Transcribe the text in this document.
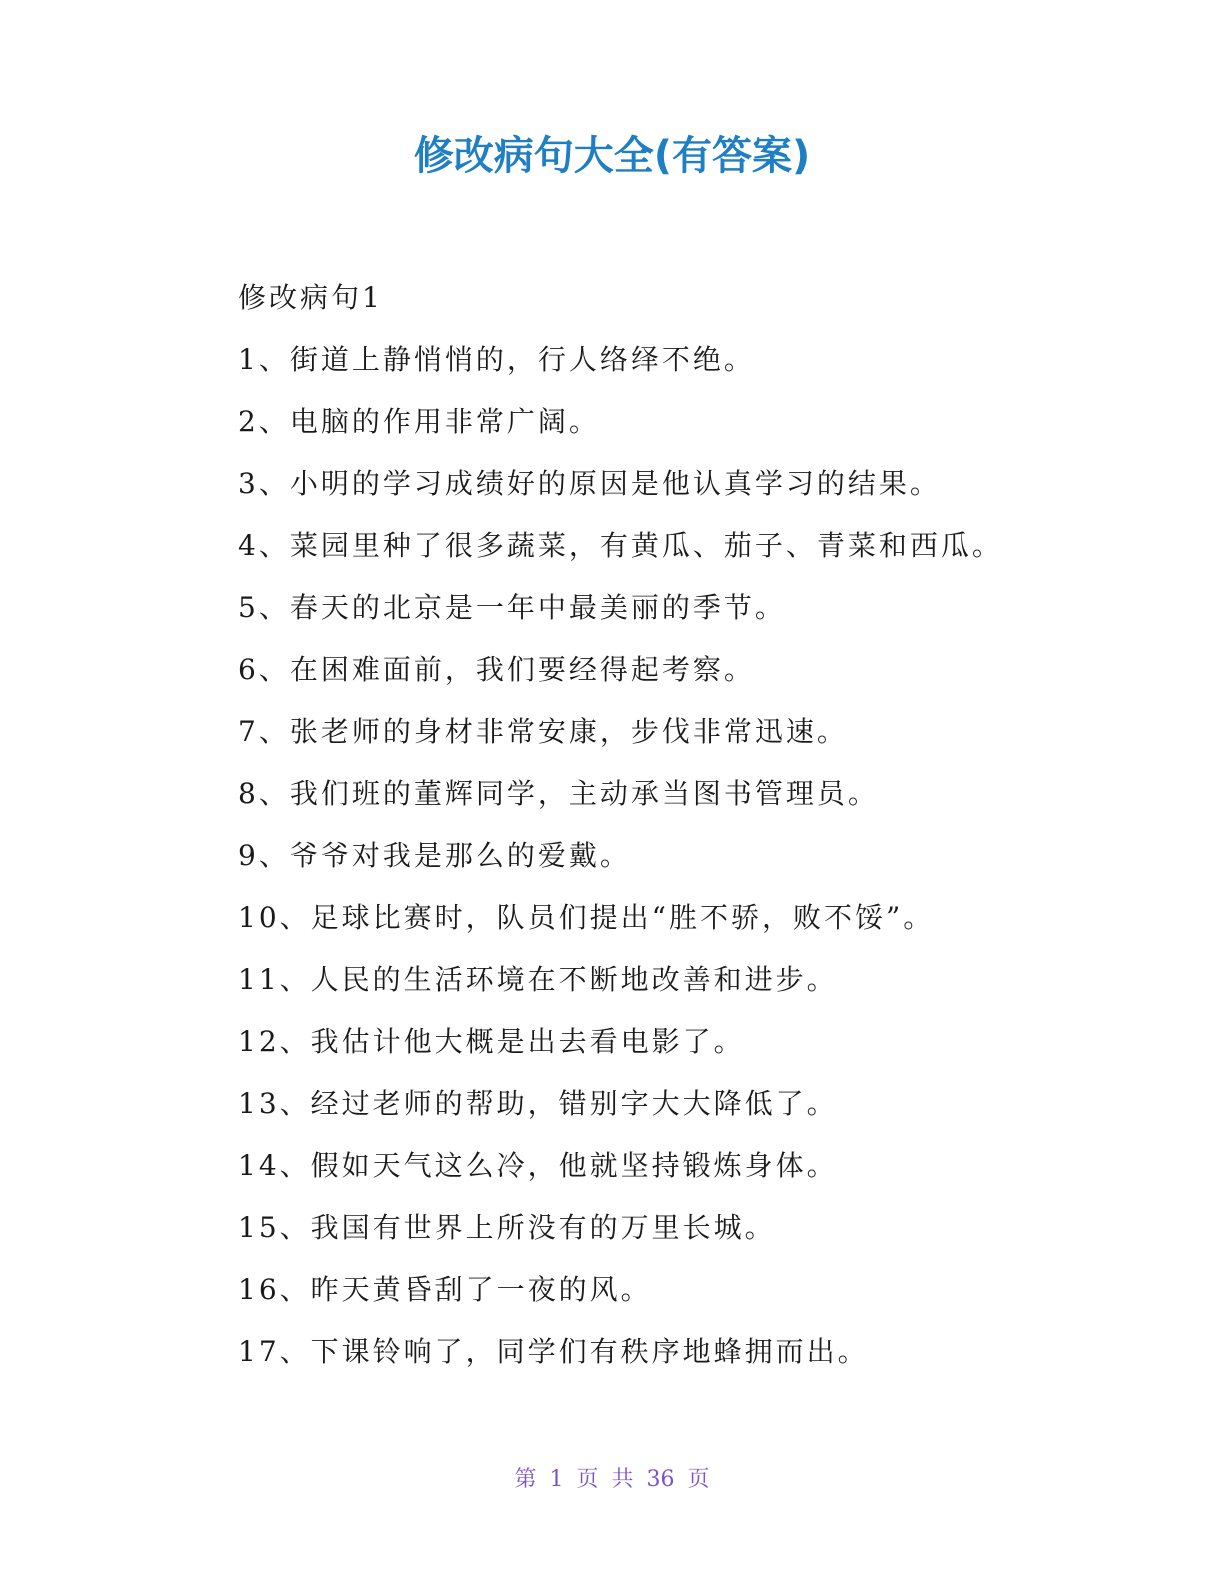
修改病句大全(有答案)
修改病句1
1、街道上静悄悄的，行人络绎不绝。
2、电脑的作用非常广阔。
3、小明的学习成绩好的原因是他认真学习的结果。
4、菜园里种了很多蔬菜，有黄瓜、茄子、青菜和西瓜。
5、春天的北京是一年中最美丽的季节。
6、在困难面前，我们要经得起考察。
7、张老师的身材非常安康，步伐非常迅速。
8、我们班的董辉同学，主动承当图书管理员。
9、爷爷对我是那么的爱戴。
10、足球比赛时，队员们提出“胜不骄，败不馁”。
11、人民的生活环境在不断地改善和进步。
12、我估计他大概是出去看电影了。
13、经过老师的帮助，错别字大大降低了。
14、假如天气这么冷，他就坚持锻炼身体。
15、我国有世界上所没有的万里长城。
16、昨天黄昏刮了一夜的风。
17、下课铃响了，同学们有秩序地蜂拥而出。
第 1 页 共 36 页
